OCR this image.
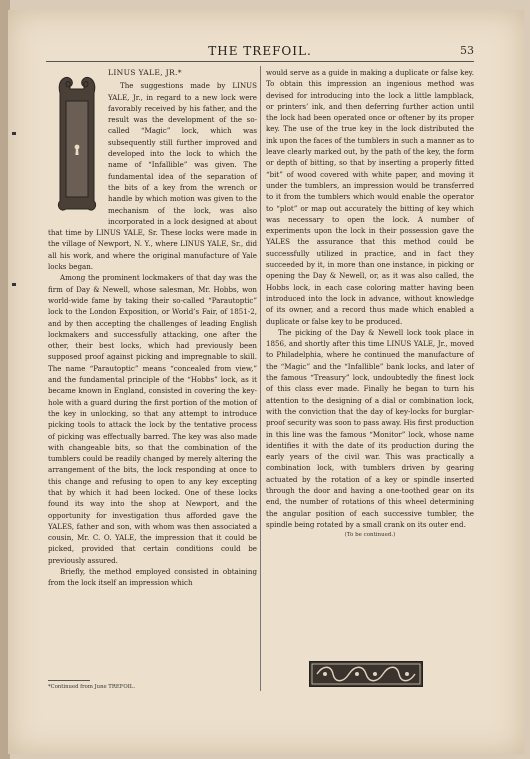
THE TREFOIL.	53

LINUS YALE, JR.*

The suggestions made by LINUS YALE, Jr., in regard to a new lock were favorably received by his father, and the result was the development of the so-called “Magic” lock, which was subsequently still further improved and developed into the lock to which the name of “Infallible” was given. The fundamental idea of the separation of the bits of a key from the wrench or handle by which motion was given to the mechanism of the lock, was also incorporated in a lock designed at about that time by LINUS YALE, Sr. These locks were made in the village of Newport, N. Y., where LINUS YALE, Sr., did all his work, and where the original manufacture of Yale locks began.

Among the prominent lockmakers of that day was the firm of Day & Newell, whose salesman, Mr. Hobbs, won world-wide fame by taking their so-called “Parautoptic” lock to the London Exposition, or World’s Fair, of 1851-2, and by then accepting the challenges of leading English lockmakers and successfully attacking, one after the other, their best locks, which had previously been supposed proof against picking and impregnable to skill. The name “Parautoptic” means “concealed from view,” and the fundamental principle of the “Hobbs” lock, as it became known in England, consisted in covering the key-hole with a guard during the first portion of the motion of the key in unlocking, so that any attempt to introduce picking tools to attack the lock by the tentative process of picking was effectually barred. The key was also made with changeable bits, so that the combination of the tumblers could be readily changed by merely altering the arrangement of the bits, the lock responding at once to this change and refusing to open to any key excepting that by which it had been locked. One of these locks found its way into the shop at Newport, and the opportunity for investigation thus afforded gave the YALES, father and son, with whom was then associated a cousin, Mr. C. O. YALE, the impression that it could be picked, provided that certain conditions could be previously assured.

Briefly, the method employed consisted in obtaining from the lock itself an impression which

would serve as a guide in making a duplicate or false key. To obtain this impression an ingenious method was devised for introducing into the lock a little lampblack, or printers’ ink, and then deferring further action until the lock had been operated once or oftener by its proper key. The use of the true key in the lock distributed the ink upon the faces of the tumblers in such a manner as to leave clearly marked out, by the path of the key, the form or depth of bitting, so that by inserting a properly fitted “bit” of wood covered with white paper, and moving it under the tumblers, an impression would be transferred to it from the tumblers which would enable the operator to “plot” or map out accurately the bitting of key which was necessary to open the lock. A number of experiments upon the lock in their possession gave the YALES the assurance that this method could be successfully utilized in practice, and in fact they succeeded by it, in more than one instance, in picking or opening the Day & Newell, or, as it was also called, the Hobbs lock, in each case coloring matter having been introduced into the lock in advance, without knowledge of its owner, and a record thus made which enabled a duplicate or false key to be produced.

The picking of the Day & Newell lock took place in 1856, and shortly after this time LINUS YALE, Jr., moved to Philadelphia, where he continued the manufacture of the “Magic” and the “Infallible” bank locks, and later of the famous “Treasury” lock, undoubtedly the finest lock of this class ever made. Finally he began to turn his attention to the designing of a dial or combination lock, with the conviction that the day of key-locks for burglar-proof security was soon to pass away. His first production in this line was the famous “Monitor” lock, whose name identifies it with the date of its production during the early years of the civil war. This was practically a combination lock, with tumblers driven by gearing actuated by the rotation of a key or spindle inserted through the door and having a one-toothed gear on its end, the number of rotations of this wheel determining the angular position of each successive tumbler, the spindle being rotated by a small crank on its outer end.

(To be continued.)

*Continued from June TREFOIL.
